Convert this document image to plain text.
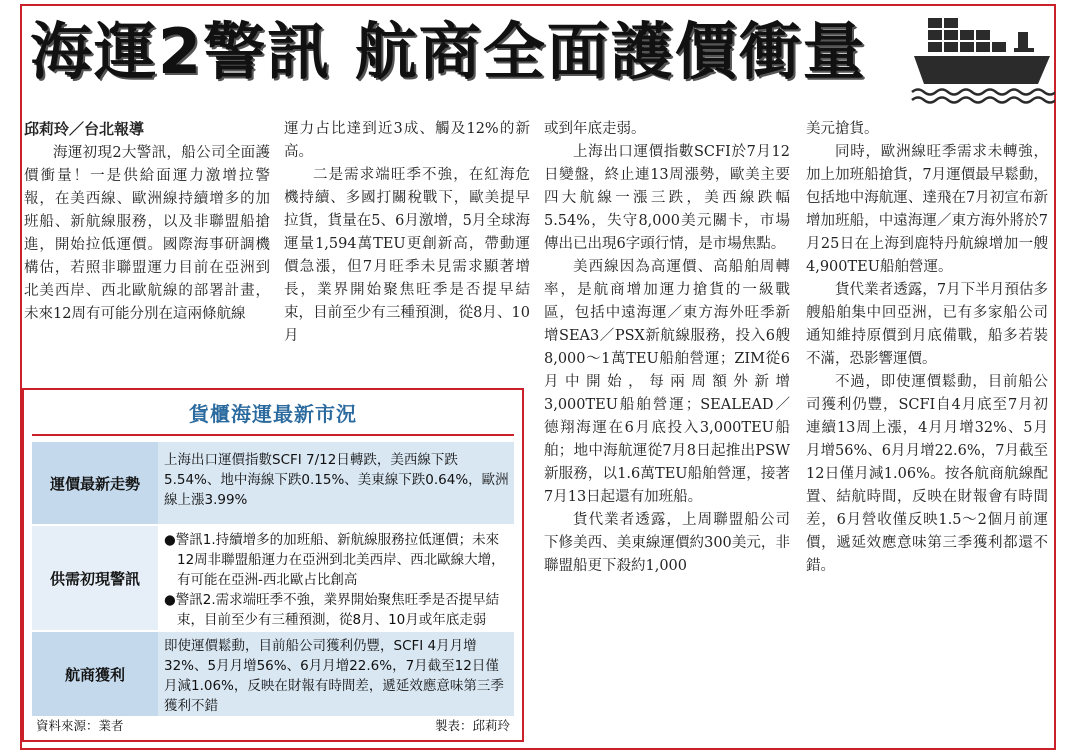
海運2警訊 航商全面護價衝量

邱莉玲／台北報導

海運初現2大警訊，船公司全面護價衝量！一是供給面運力激增拉警報，在美西線、歐洲線持續增多的加班船、新航線服務，以及非聯盟船搶進，開始拉低運價。國際海事研調機構估，若照非聯盟運力目前在亞洲到北美西岸、西北歐航線的部署計畫，未來12周有可能分別在這兩條航線

運力占比達到近3成、觸及12%的新高。

二是需求端旺季不強，在紅海危機持續、多國打關稅戰下，歐美提早拉貨，貨量在5、6月激增，5月全球海運量1,594萬TEU更創新高，帶動運價急漲，但7月旺季未見需求顯著增長，業界開始聚焦旺季是否提早結束，目前至少有三種預測，從8月、10月

或到年底走弱。

上海出口運價指數SCFI於7月12日變盤，終止連13周漲勢，歐美主要四大航線一漲三跌，美西線跌幅5.54%，失守8,000美元關卡，市場傳出已出現6字頭行情，是市場焦點。

美西線因為高運價、高船舶周轉率，是航商增加運力搶貨的一級戰區，包括中遠海運／東方海外旺季新增SEA3／PSX新航線服務，投入6艘8,000～1萬TEU船舶營運；ZIM從6月中開始，每兩周額外新增3,000TEU船舶營運；SEALEAD／德翔海運在6月底投入3,000TEU船舶；地中海航運從7月8日起推出PSW新服務，以1.6萬TEU船舶營運，接著7月13日起還有加班船。

貨代業者透露，上周聯盟船公司下修美西、美東線運價約300美元，非聯盟船更下殺約1,000

美元搶貨。

同時，歐洲線旺季需求未轉強，加上加班船搶貨，7月運價最早鬆動，包括地中海航運、達飛在7月初宣布新增加班船，中遠海運／東方海外將於7月25日在上海到鹿特丹航線增加一艘4,900TEU船舶營運。

貨代業者透露，7月下半月預估多艘船舶集中回亞洲，已有多家船公司通知維持原價到月底備戰，船多若裝不滿，恐影響運價。

不過，即使運價鬆動，目前船公司獲利仍豐，SCFI自4月底至7月初連續13周上漲，4月月增32%、5月月增56%、6月月增22.6%，7月截至12日僅月減1.06%。按各航商航線配置、結航時間，反映在財報會有時間差，6月營收僅反映1.5～2個月前運價，遞延效應意味第三季獲利都還不錯。

貨櫃海運最新市況
運價最新走勢
上海出口運價指數SCFI 7/12日轉跌，美西線下跌5.54%、地中海線下跌0.15%、美東線下跌0.64%，歐洲線上漲3.99%
供需初現警訊
●警訊1.持續增多的加班船、新航線服務拉低運價；未來12周非聯盟船運力在亞洲到北美西岸、西北歐線大增，有可能在亞洲-西北歐占比創高
●警訊2.需求端旺季不強，業界開始聚焦旺季是否提早結束，目前至少有三種預測，從8月、10月或年底走弱
航商獲利
即使運價鬆動，目前船公司獲利仍豐，SCFI 4月月增32%、5月月增56%、6月月增22.6%，7月截至12日僅月減1.06%，反映在財報有時間差，遞延效應意味第三季獲利不錯
資料來源：業者	製表：邱莉玲
